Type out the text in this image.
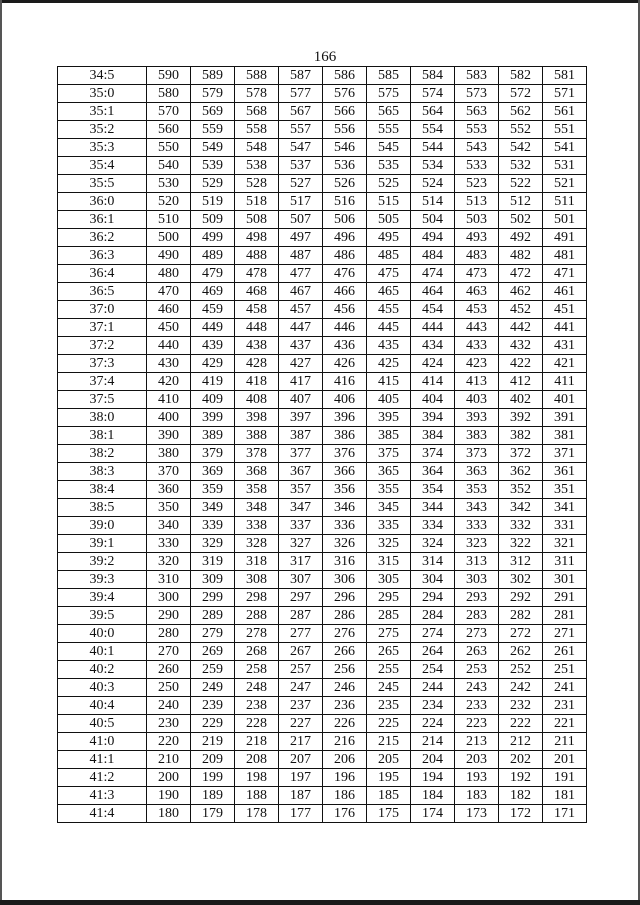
166
34:5	590	589	588	587	586	585	584	583	582	581
35:0	580	579	578	577	576	575	574	573	572	571
35:1	570	569	568	567	566	565	564	563	562	561
35:2	560	559	558	557	556	555	554	553	552	551
35:3	550	549	548	547	546	545	544	543	542	541
35:4	540	539	538	537	536	535	534	533	532	531
35:5	530	529	528	527	526	525	524	523	522	521
36:0	520	519	518	517	516	515	514	513	512	511
36:1	510	509	508	507	506	505	504	503	502	501
36:2	500	499	498	497	496	495	494	493	492	491
36:3	490	489	488	487	486	485	484	483	482	481
36:4	480	479	478	477	476	475	474	473	472	471
36:5	470	469	468	467	466	465	464	463	462	461
37:0	460	459	458	457	456	455	454	453	452	451
37:1	450	449	448	447	446	445	444	443	442	441
37:2	440	439	438	437	436	435	434	433	432	431
37:3	430	429	428	427	426	425	424	423	422	421
37:4	420	419	418	417	416	415	414	413	412	411
37:5	410	409	408	407	406	405	404	403	402	401
38:0	400	399	398	397	396	395	394	393	392	391
38:1	390	389	388	387	386	385	384	383	382	381
38:2	380	379	378	377	376	375	374	373	372	371
38:3	370	369	368	367	366	365	364	363	362	361
38:4	360	359	358	357	356	355	354	353	352	351
38:5	350	349	348	347	346	345	344	343	342	341
39:0	340	339	338	337	336	335	334	333	332	331
39:1	330	329	328	327	326	325	324	323	322	321
39:2	320	319	318	317	316	315	314	313	312	311
39:3	310	309	308	307	306	305	304	303	302	301
39:4	300	299	298	297	296	295	294	293	292	291
39:5	290	289	288	287	286	285	284	283	282	281
40:0	280	279	278	277	276	275	274	273	272	271
40:1	270	269	268	267	266	265	264	263	262	261
40:2	260	259	258	257	256	255	254	253	252	251
40:3	250	249	248	247	246	245	244	243	242	241
40:4	240	239	238	237	236	235	234	233	232	231
40:5	230	229	228	227	226	225	224	223	222	221
41:0	220	219	218	217	216	215	214	213	212	211
41:1	210	209	208	207	206	205	204	203	202	201
41:2	200	199	198	197	196	195	194	193	192	191
41:3	190	189	188	187	186	185	184	183	182	181
41:4	180	179	178	177	176	175	174	173	172	171
